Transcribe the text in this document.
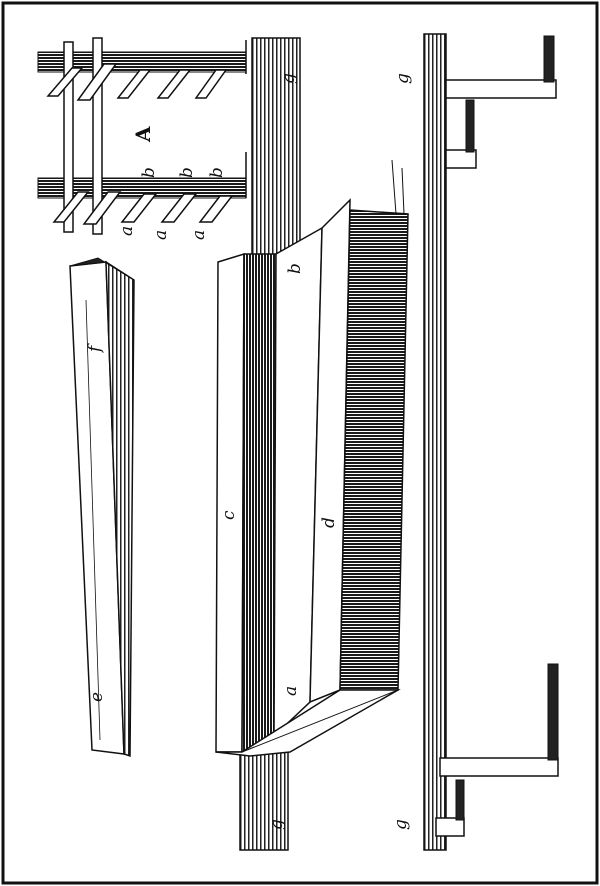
A
b b b
a a a
f
e
b
c
d
a
g	g
g	g
